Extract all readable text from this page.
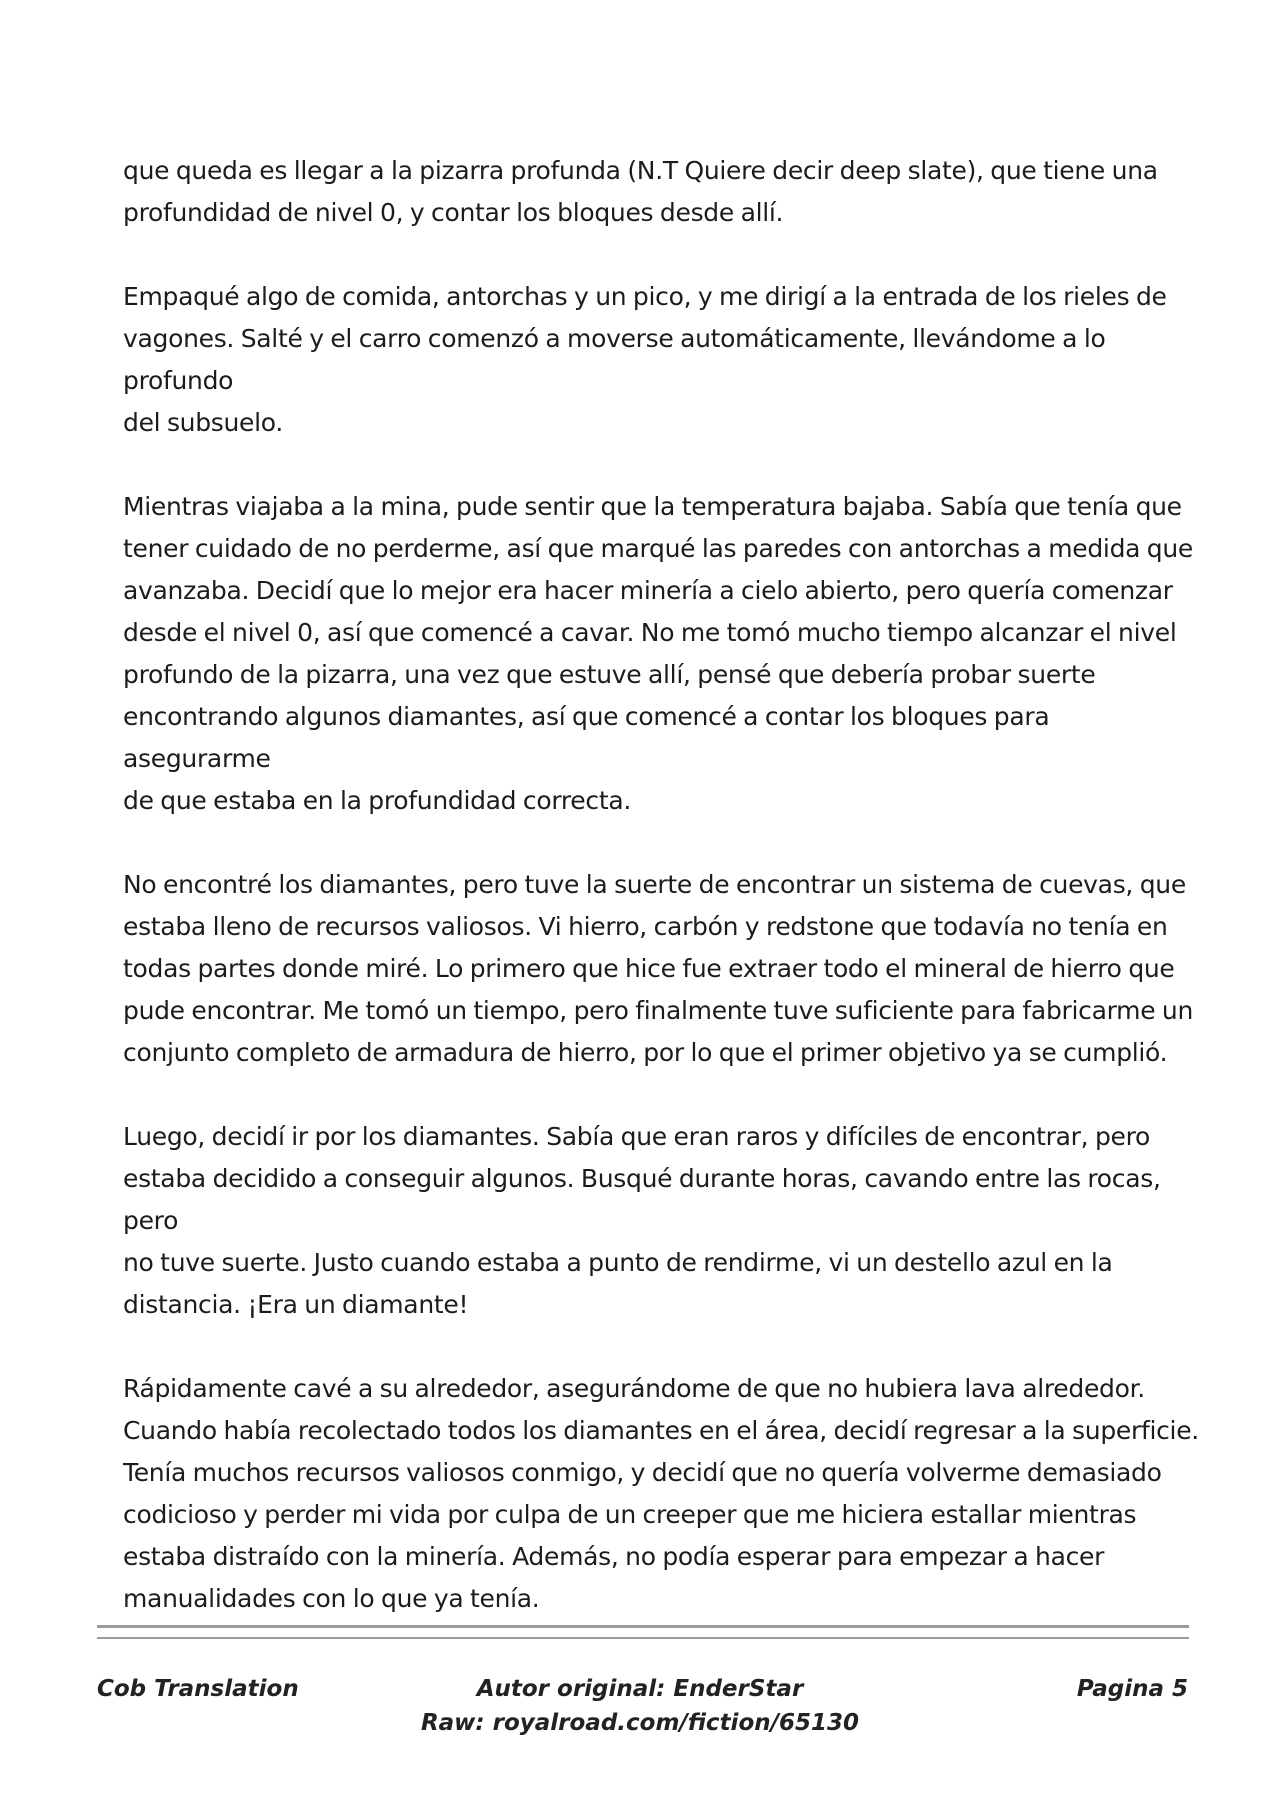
que queda es llegar a la pizarra profunda (N.T Quiere decir deep slate), que tiene una
profundidad de nivel 0, y contar los bloques desde allí.

Empaqué algo de comida, antorchas y un pico, y me dirigí a la entrada de los rieles de
vagones. Salté y el carro comenzó a moverse automáticamente, llevándome a lo profundo
del subsuelo.

Mientras viajaba a la mina, pude sentir que la temperatura bajaba. Sabía que tenía que
tener cuidado de no perderme, así que marqué las paredes con antorchas a medida que
avanzaba. Decidí que lo mejor era hacer minería a cielo abierto, pero quería comenzar
desde el nivel 0, así que comencé a cavar. No me tomó mucho tiempo alcanzar el nivel
profundo de la pizarra, una vez que estuve allí, pensé que debería probar suerte
encontrando algunos diamantes, así que comencé a contar los bloques para asegurarme
de que estaba en la profundidad correcta.

No encontré los diamantes, pero tuve la suerte de encontrar un sistema de cuevas, que
estaba lleno de recursos valiosos. Vi hierro, carbón y redstone que todavía no tenía en
todas partes donde miré. Lo primero que hice fue extraer todo el mineral de hierro que
pude encontrar. Me tomó un tiempo, pero finalmente tuve suficiente para fabricarme un
conjunto completo de armadura de hierro, por lo que el primer objetivo ya se cumplió.

Luego, decidí ir por los diamantes. Sabía que eran raros y difíciles de encontrar, pero
estaba decidido a conseguir algunos. Busqué durante horas, cavando entre las rocas, pero
no tuve suerte. Justo cuando estaba a punto de rendirme, vi un destello azul en la
distancia. ¡Era un diamante!

Rápidamente cavé a su alrededor, asegurándome de que no hubiera lava alrededor.
Cuando había recolectado todos los diamantes en el área, decidí regresar a la superficie.
Tenía muchos recursos valiosos conmigo, y decidí que no quería volverme demasiado
codicioso y perder mi vida por culpa de un creeper que me hiciera estallar mientras
estaba distraído con la minería. Además, no podía esperar para empezar a hacer
manualidades con lo que ya tenía.

Cob Translation	Autor original: EnderStar
Raw: royalroad.com/fiction/65130
Pagina 5
